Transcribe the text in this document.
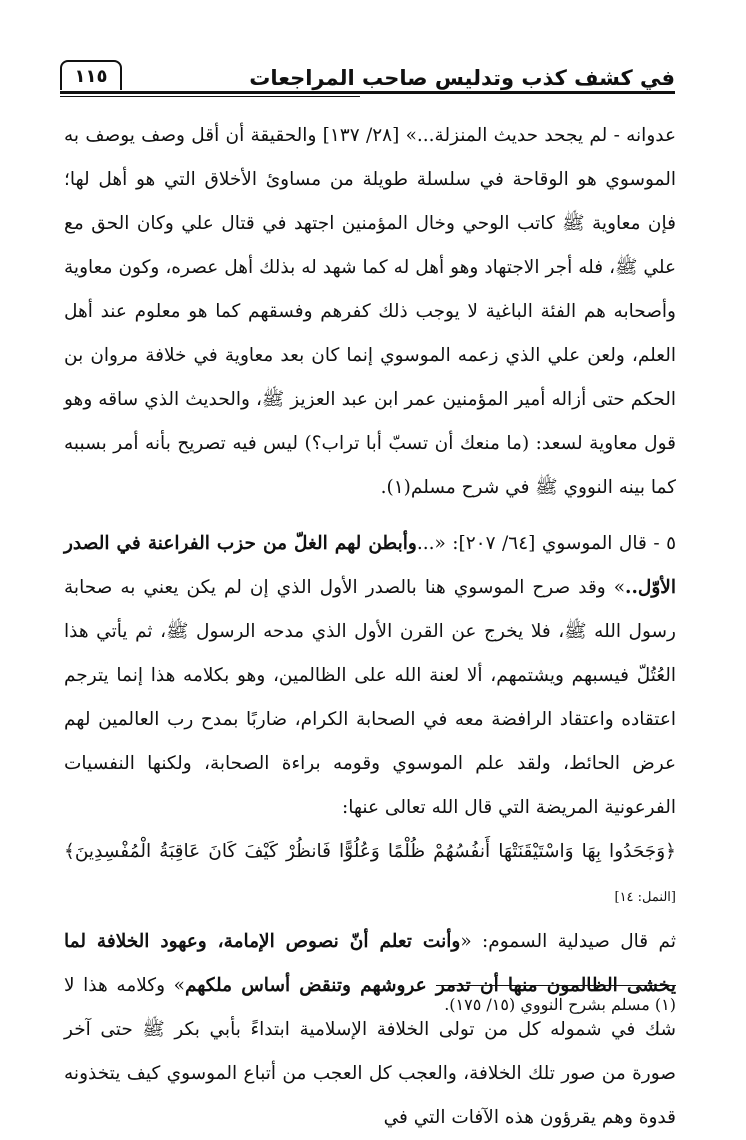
١١٥	في كشف كذب وتدليس صاحب المراجعات

عدوانه - لم يجحد حديث المنزلة...» [٢٨/ ١٣٧] والحقيقة أن أقل وصف يوصف به الموسوي هو الوقاحة في سلسلة طويلة من مساوئ الأخلاق التي هو أهل لها؛ فإن معاوية ﷺ كاتب الوحي وخال المؤمنين اجتهد في قتال علي وكان الحق مع علي ﷺ، فله أجر الاجتهاد وهو أهل له كما شهد له بذلك أهل عصره، وكون معاوية وأصحابه هم الفئة الباغية لا يوجب ذلك كفرهم وفسقهم كما هو معلوم عند أهل العلم، ولعن علي الذي زعمه الموسوي إنما كان بعد معاوية في خلافة مروان بن الحكم حتى أزاله أمير المؤمنين عمر ابن عبد العزيز ﷺ، والحديث الذي ساقه وهو قول معاوية لسعد: (ما منعك أن تسبّ أبا تراب؟) ليس فيه تصريح بأنه أمر بسببه كما بينه النووي ﷺ في شرح مسلم(١).

٥ - قال الموسوي [٦٤/ ٢٠٧]: «...وأبطن لهم الغلّ من حزب الفراعنة في الصدر الأوّل..» وقد صرح الموسوي هنا بالصدر الأول الذي إن لم يكن يعني به صحابة رسول الله ﷺ، فلا يخرج عن القرن الأول الذي مدحه الرسول ﷺ، ثم يأتي هذا العُتُلّ فيسبهم ويشتمهم، ألا لعنة الله على الظالمين، وهو بكلامه هذا إنما يترجم اعتقاده واعتقاد الرافضة معه في الصحابة الكرام، ضاربًا بمدح رب العالمين لهم عرض الحائط، ولقد علم الموسوي وقومه براءة الصحابة، ولكنها النفسيات الفرعونية المريضة التي قال الله تعالى عنها:
﴿وَجَحَدُوا بِهَا وَاسْتَيْقَنَتْهَا أَنفُسُهُمْ ظُلْمًا وَعُلُوًّا فَانظُرْ كَيْفَ كَانَ عَاقِبَةُ الْمُفْسِدِينَ﴾ [النمل: ١٤]
ثم قال صيدلية السموم: «وأنت تعلم أنّ نصوص الإمامة، وعهود الخلافة لما يخشى الظالمون منها أن تدمر عروشهم وتنقض أساس ملكهم» وكلامه هذا لا شك في شموله كل من تولى الخلافة الإسلامية ابتداءً بأبي بكر ﷺ حتى آخر صورة من صور تلك الخلافة، والعجب كل العجب من أتباع الموسوي كيف يتخذونه قدوة وهم يقرؤون هذه الآفات التي في

(١) مسلم بشرح النووي (١٥/ ١٧٥).
